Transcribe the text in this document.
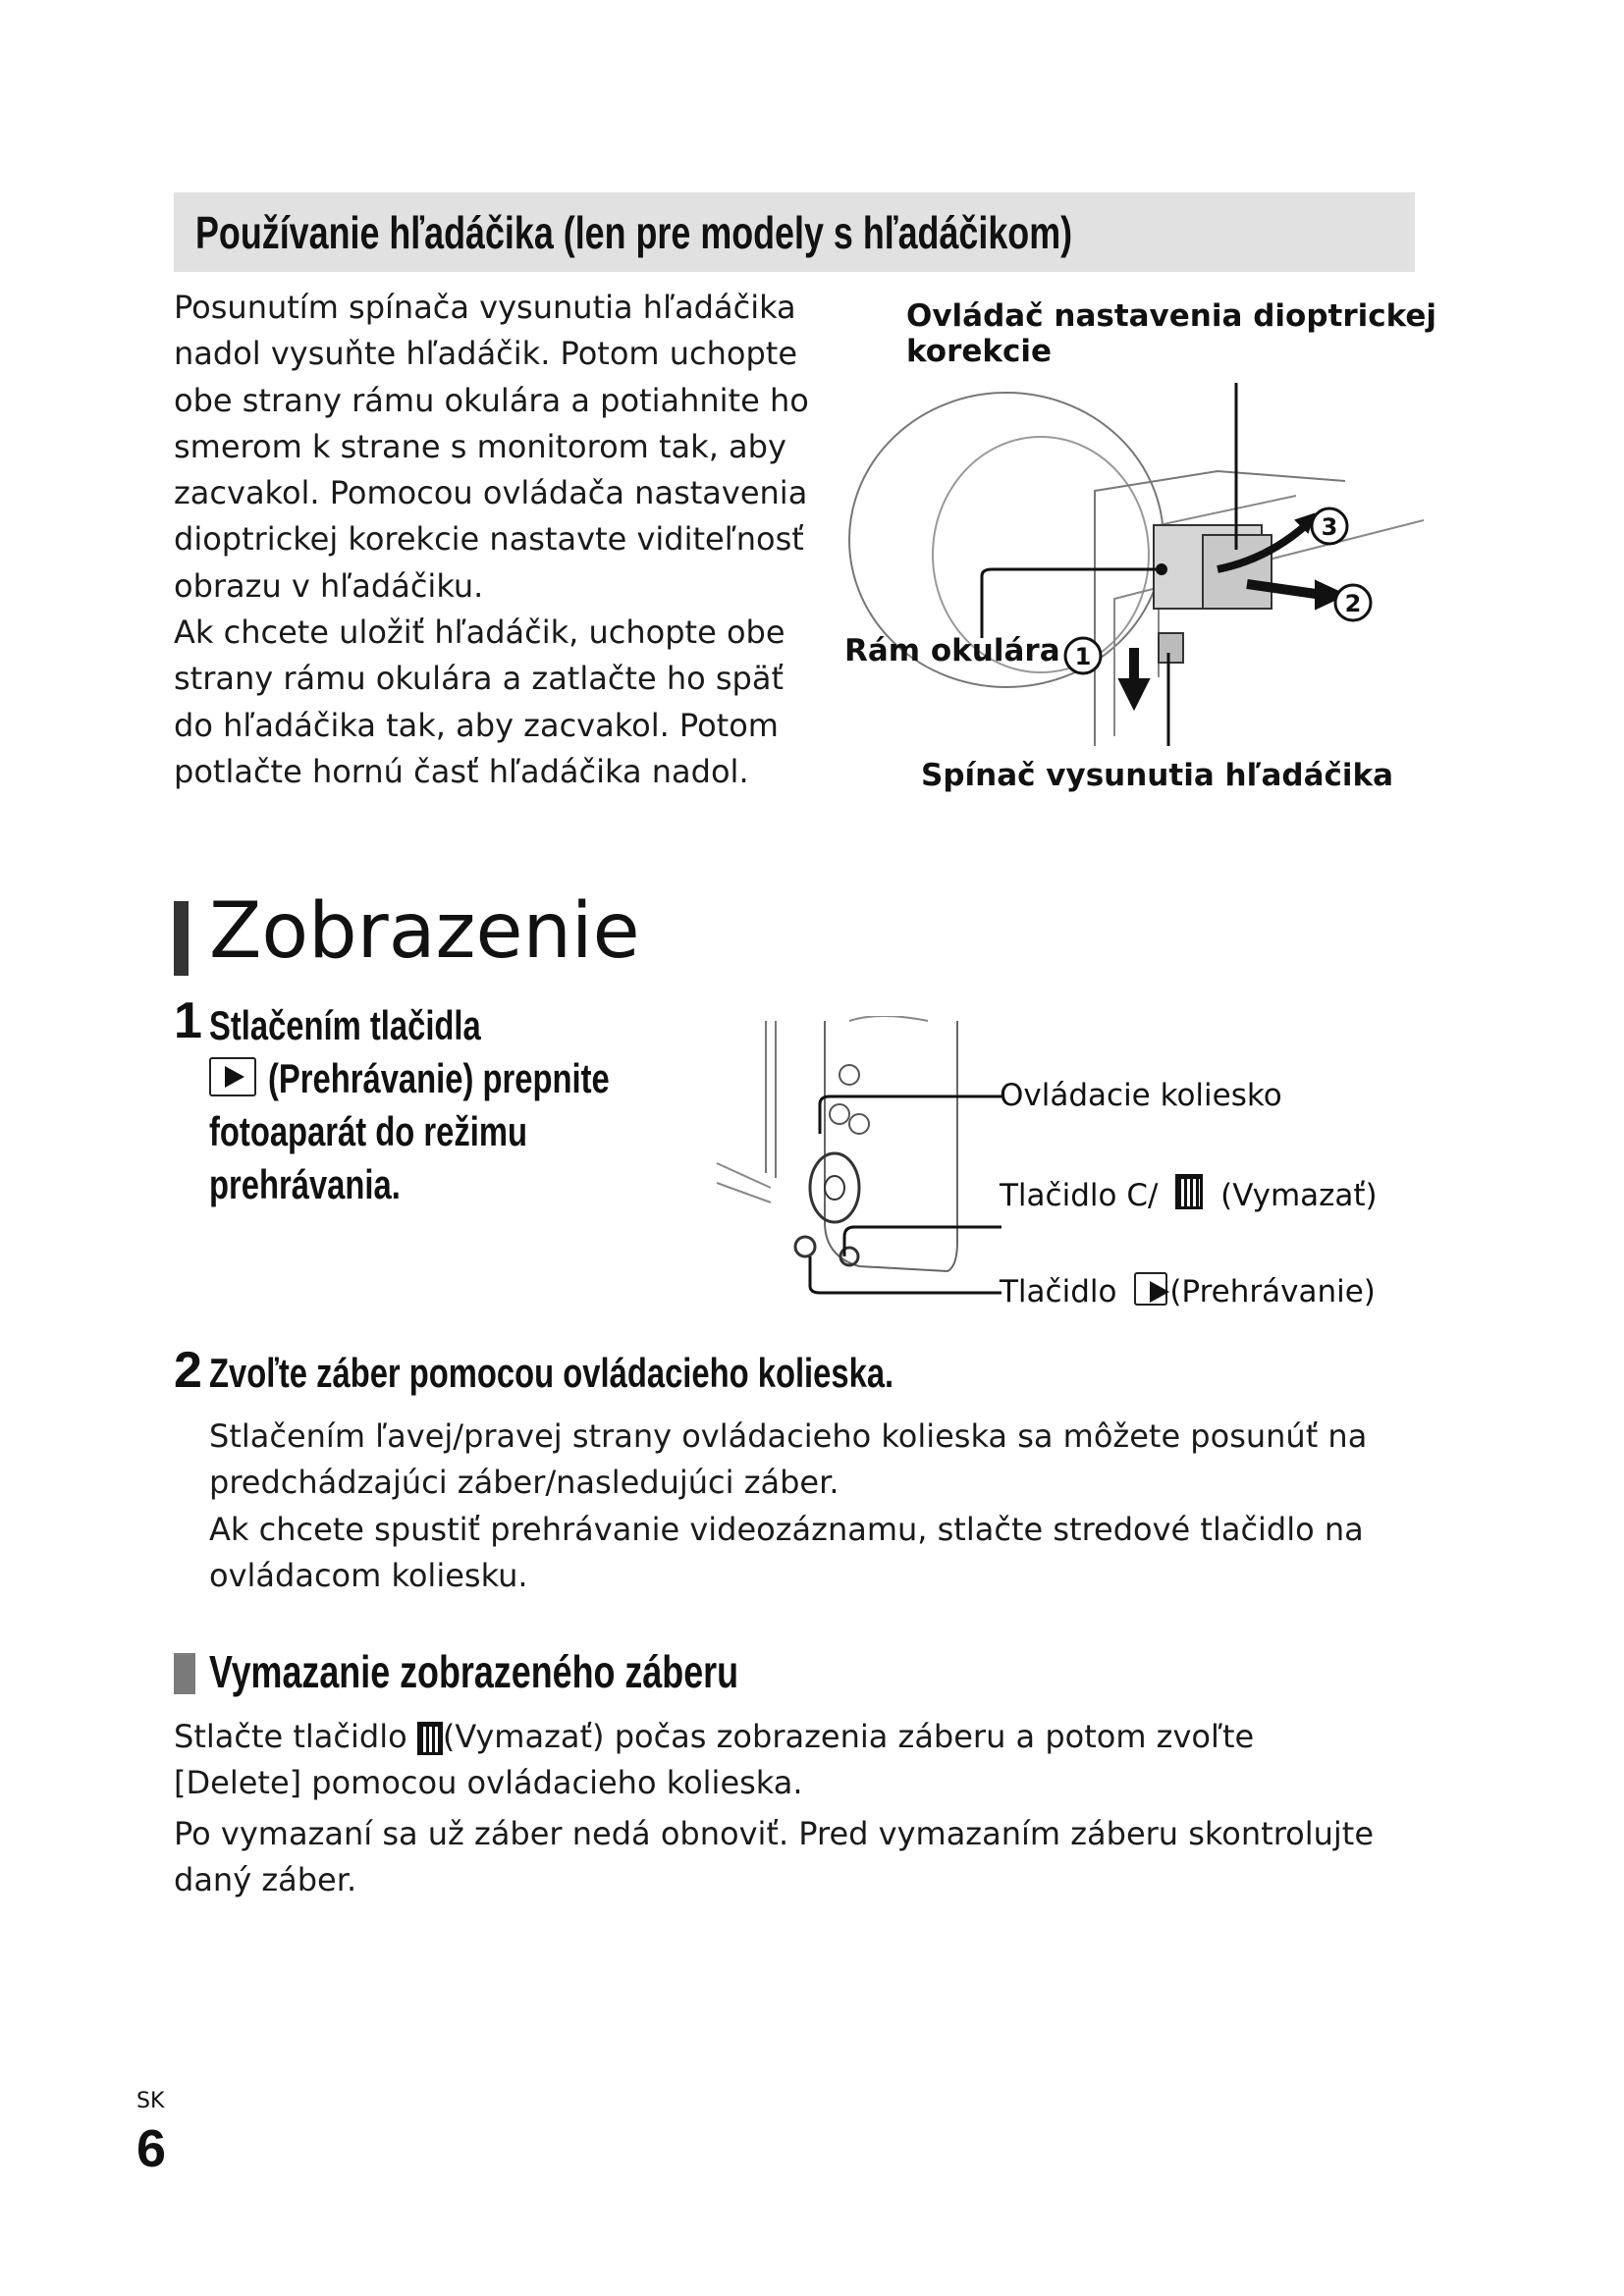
Používanie hľadáčika (len pre modely s hľadáčikom)

Posunutím spínača vysunutia hľadáčika

nadol vysuňte hľadáčik. Potom uchopte

obe strany rámu okulára a potiahnite ho

smerom k strane s monitorom tak, aby

zacvakol. Pomocou ovládača nastavenia

dioptrickej korekcie nastavte viditeľnosť

obrazu v hľadáčiku.

Ak chcete uložiť hľadáčik, uchopte obe

strany rámu okulára a zatlačte ho späť

do hľadáčika tak, aby zacvakol. Potom

potlačte hornú časť hľadáčika nadol.

Ovládač nastavenia dioptrickej
korekcie
1
2
3
Rám okulára
Spínač vysunutia hľadáčika
Zobrazenie
1 Stlačením tlačidla
(Prehrávanie) prepnite
fotoaparát do režimu
prehrávania.
Ovládacie koliesko
Tlačidlo C/ (Vymazať)
Tlačidlo (Prehrávanie)
2 Zvoľte záber pomocou ovládacieho kolieska.

Stlačením ľavej/pravej strany ovládacieho kolieska sa môžete posunúť na

predchádzajúci záber/nasledujúci záber.

Ak chcete spustiť prehrávanie videozáznamu, stlačte stredové tlačidlo na

ovládacom koliesku.

Vymazanie zobrazeného záberu

Stlačte tlačidlo (Vymazať) počas zobrazenia záberu a potom zvoľte

[Delete] pomocou ovládacieho kolieska.

Po vymazaní sa už záber nedá obnoviť. Pred vymazaním záberu skontrolujte

daný záber.

SK
6
